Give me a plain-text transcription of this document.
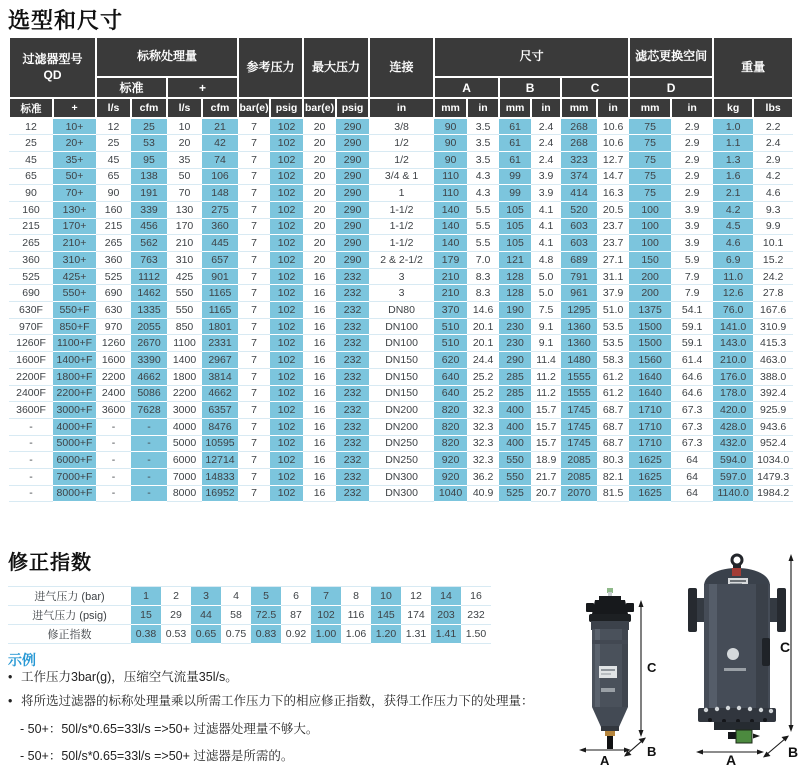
选型和尺寸
过滤器型号
QD		标称处理量				参考压力		最大压力		连接	尺寸						滤芯更换空间		重量	
		标准		+							A		B		C		D			
标准	+	l/s	cfm	l/s	cfm	bar(e)	psig	bar(e)	psig	in	mm	in	mm	in	mm	in	mm	in	kg	lbs
12	10+	12	25	10	21	7	102	20	290	3/8	90	3.5	61	2.4	268	10.6	75	2.9	1.0	2.2
25	20+	25	53	20	42	7	102	20	290	1/2	90	3.5	61	2.4	268	10.6	75	2.9	1.1	2.4
45	35+	45	95	35	74	7	102	20	290	1/2	90	3.5	61	2.4	323	12.7	75	2.9	1.3	2.9
65	50+	65	138	50	106	7	102	20	290	3/4 & 1	110	4.3	99	3.9	374	14.7	75	2.9	1.6	4.2
90	70+	90	191	70	148	7	102	20	290	1	110	4.3	99	3.9	414	16.3	75	2.9	2.1	4.6
160	130+	160	339	130	275	7	102	20	290	1-1/2	140	5.5	105	4.1	520	20.5	100	3.9	4.2	9.3
215	170+	215	456	170	360	7	102	20	290	1-1/2	140	5.5	105	4.1	603	23.7	100	3.9	4.5	9.9
265	210+	265	562	210	445	7	102	20	290	1-1/2	140	5.5	105	4.1	603	23.7	100	3.9	4.6	10.1
360	310+	360	763	310	657	7	102	20	290	2 & 2-1/2	179	7.0	121	4.8	689	27.1	150	5.9	6.9	15.2
525	425+	525	1112	425	901	7	102	16	232	3	210	8.3	128	5.0	791	31.1	200	7.9	11.0	24.2
690	550+	690	1462	550	1165	7	102	16	232	3	210	8.3	128	5.0	961	37.9	200	7.9	12.6	27.8
630F	550+F	630	1335	550	1165	7	102	16	232	DN80	370	14.6	190	7.5	1295	51.0	1375	54.1	76.0	167.6
970F	850+F	970	2055	850	1801	7	102	16	232	DN100	510	20.1	230	9.1	1360	53.5	1500	59.1	141.0	310.9
1260F	1100+F	1260	2670	1100	2331	7	102	16	232	DN100	510	20.1	230	9.1	1360	53.5	1500	59.1	143.0	415.3
1600F	1400+F	1600	3390	1400	2967	7	102	16	232	DN150	620	24.4	290	11.4	1480	58.3	1560	61.4	210.0	463.0
2200F	1800+F	2200	4662	1800	3814	7	102	16	232	DN150	640	25.2	285	11.2	1555	61.2	1640	64.6	176.0	388.0
2400F	2200+F	2400	5086	2200	4662	7	102	16	232	DN150	640	25.2	285	11.2	1555	61.2	1640	64.6	178.0	392.4
3600F	3000+F	3600	7628	3000	6357	7	102	16	232	DN200	820	32.3	400	15.7	1745	68.7	1710	67.3	420.0	925.9
-	4000+F	-	-	4000	8476	7	102	16	232	DN200	820	32.3	400	15.7	1745	68.7	1710	67.3	428.0	943.6
-	5000+F	-	-	5000	10595	7	102	16	232	DN250	820	32.3	400	15.7	1745	68.7	1710	67.3	432.0	952.4
-	6000+F	-	-	6000	12714	7	102	16	232	DN250	920	32.3	550	18.9	2085	80.3	1625	64	594.0	1034.0
-	7000+F	-	-	7000	14833	7	102	16	232	DN300	920	36.2	550	21.7	2085	82.1	1625	64	597.0	1479.3
-	8000+F	-	-	8000	16952	7	102	16	232	DN300	1040	40.9	525	20.7	2070	81.5	1625	64	1140.0	1984.2
修正指数
进气压力 (bar)	1	2	3	4	5	6	7	8	10	12	14	16
进气压力 (psig)	15	29	44	58	72.5	87	102	116	145	174	203	232
修正指数	0.38	0.53	0.65	0.75	0.83	0.92	1.00	1.06	1.20	1.31	1.41	1.50
示例
• 工作压力3bar(g)，压缩空气流量35l/s。
• 将所选过滤器的标称处理量乘以所需工作压力下的相应修正指数，获得工作压力下的处理量：
- 50+：50l/s*0.65=33l/s =>50+ 过滤器处理量不够大。
- 50+：50l/s*0.65=33l/s =>50+ 过滤器是所需的。	A
B
C
A	B
C
